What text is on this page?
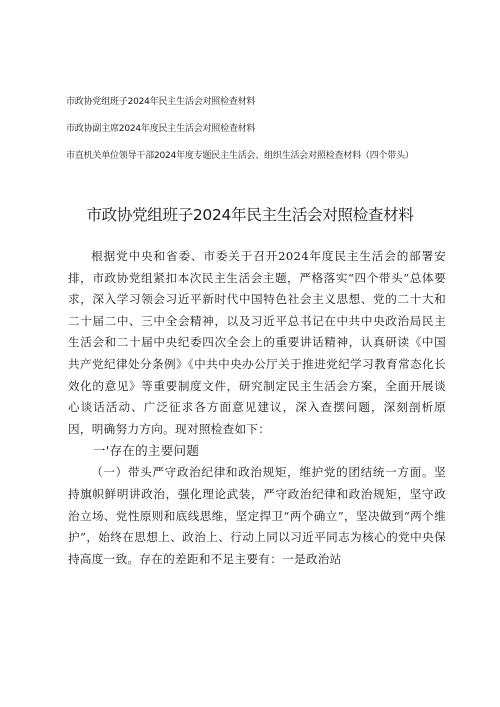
市政协党组班子2024年民主生活会对照检查材料
市政协副主席2024年度民主生活会对照检查材料
市直机关单位领导干部2024年度专题民主生活会、组织生活会对照检查材料（四个带头）
市政协党组班子2024年民主生活会对照检查材料

根据党中央和省委、市委关于召开2024年度民主生活会的部署安排，市政协党组紧扣本次民主生活会主题，严格落实“四个带头”总体要求，深入学习领会习近平新时代中国特色社会主义思想、党的二十大和二十届二中、三中全会精神，以及习近平总书记在中共中央政治局民主生活会和二十届中央纪委四次全会上的重要讲话精神，认真研读《中国共产党纪律处分条例》《中共中央办公厅关于推进党纪学习教育常态化长效化的意见》等重要制度文件，研究制定民主生活会方案，全面开展谈心谈话活动、广泛征求各方面意见建议，深入查摆问题，深刻剖析原因，明确努力方向。现对照检查如下：

一'存在的主要问题

（一）带头严守政治纪律和政治规矩，维护党的团结统一方面。坚持旗帜鲜明讲政治，强化理论武装，严守政治纪律和政治规矩，坚守政治立场、党性原则和底线思维，坚定捍卫“两个确立”，坚决做到“两个维护”，始终在思想上、政治上、行动上同以习近平同志为核心的党中央保持高度一致。存在的差距和不足主要有：一是政治站
